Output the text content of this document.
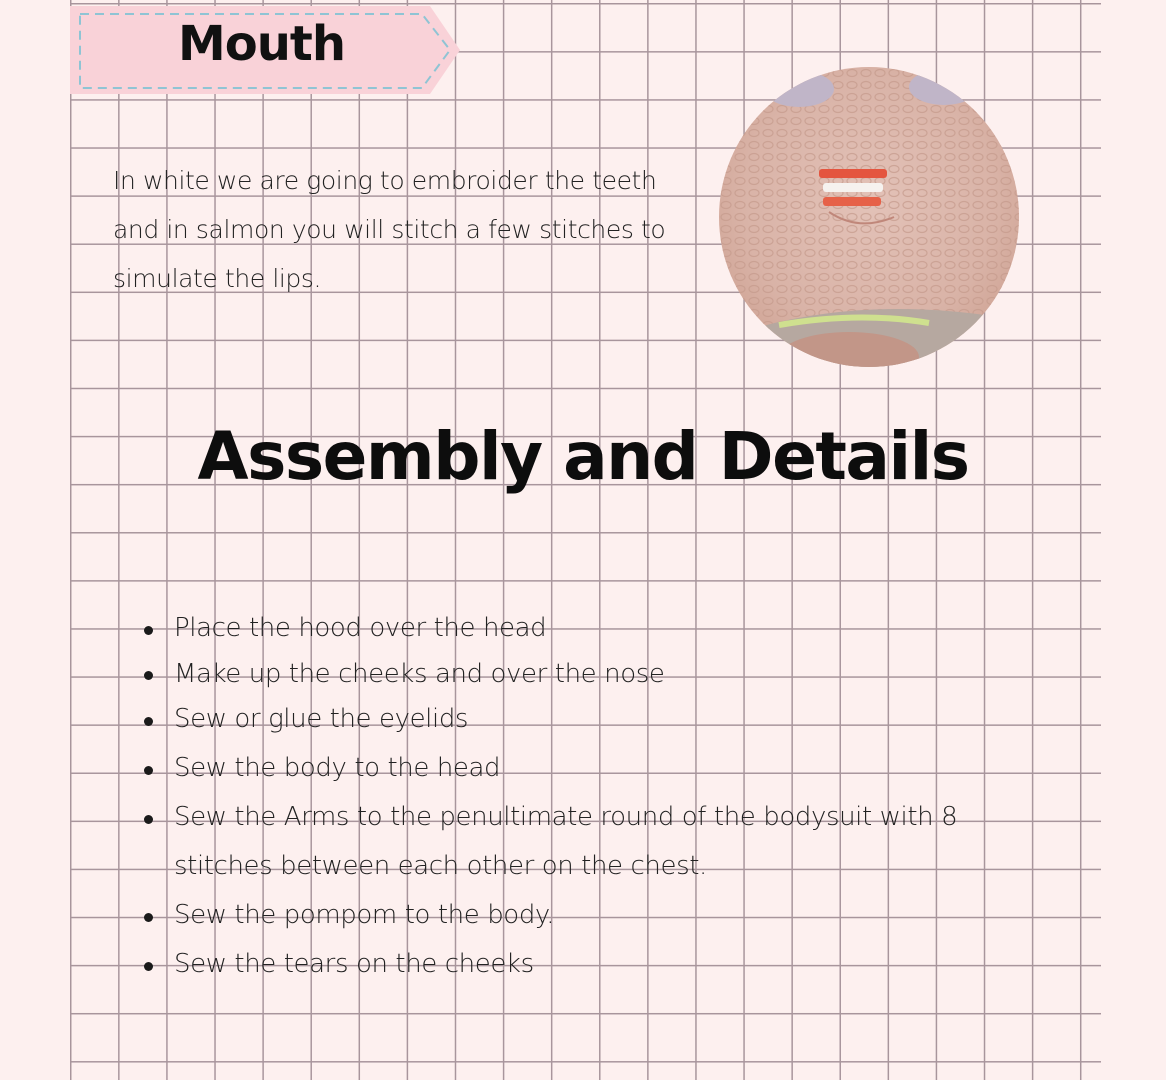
Mouth
In white we are going to embroider the teeth and in salmon you will stitch a few stitches to simulate the lips.
Assembly and Details
Place the hood over the head
Make up the cheeks and over the nose
Sew or glue the eyelids
Sew the body to the head
Sew the Arms to the penultimate round of the bodysuit with 8 stitches between each other on the chest.
Sew the pompom to the body.
Sew the tears on the cheeks
